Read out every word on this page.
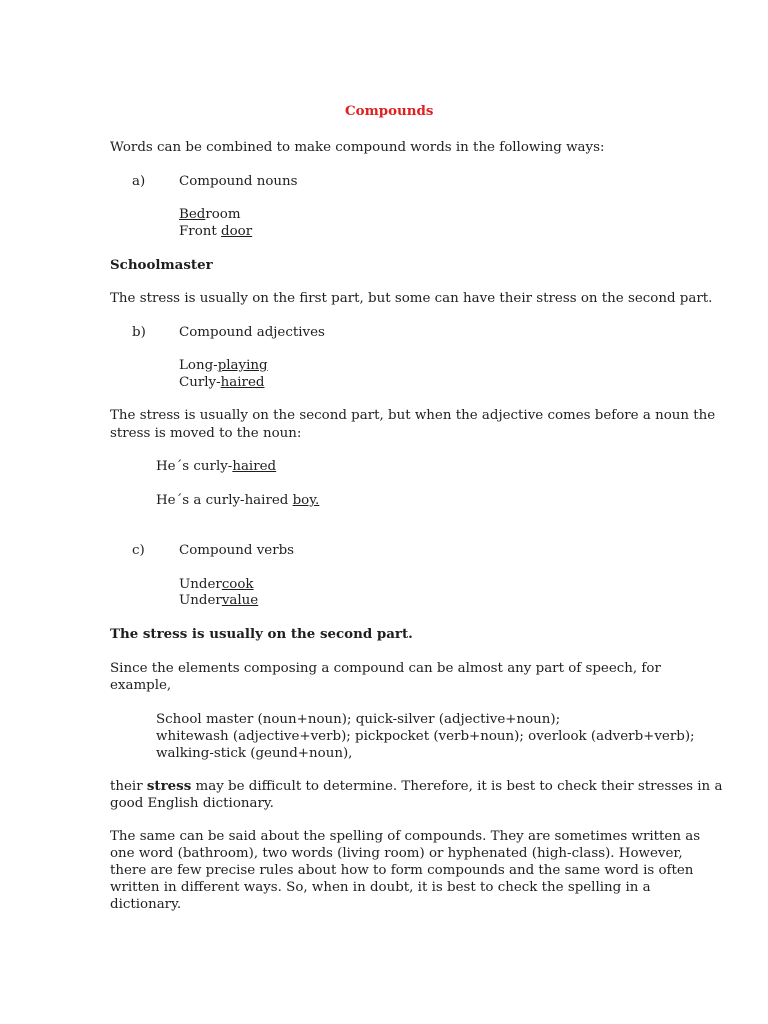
Compounds
Words can be combined to make compound words in the following ways:
a)	Compound nouns
Bedroom
Front door
Schoolmaster
The stress is usually on the first part, but some can have their stress on the second part.
b) Compound adjectives
Long-playing
Curly-haired
The stress is usually on the second part, but when the adjective comes before a noun the
stress is moved to the noun:
He´s curly-haired
He´s a curly-haired boy.
c)	Compound verbs
Undercook
Undervalue
The stress is usually on the second part.
Since the elements composing a compound can be almost any part of speech, for
example,
School master (noun+noun); quick-silver (adjective+noun);
whitewash (adjective+verb); pickpocket (verb+noun); overlook (adverb+verb);
walking-stick (geund+noun),
their stress may be difficult to determine. Therefore, it is best to check their stresses in a
good English dictionary.
The same can be said about the spelling of compounds. They are sometimes written as
one word (bathroom), two words (living room) or hyphenated (high-class). However,
there are few precise rules about how to form compounds and the same word is often
written in different ways. So, when in doubt, it is best to check the spelling in a
dictionary.
